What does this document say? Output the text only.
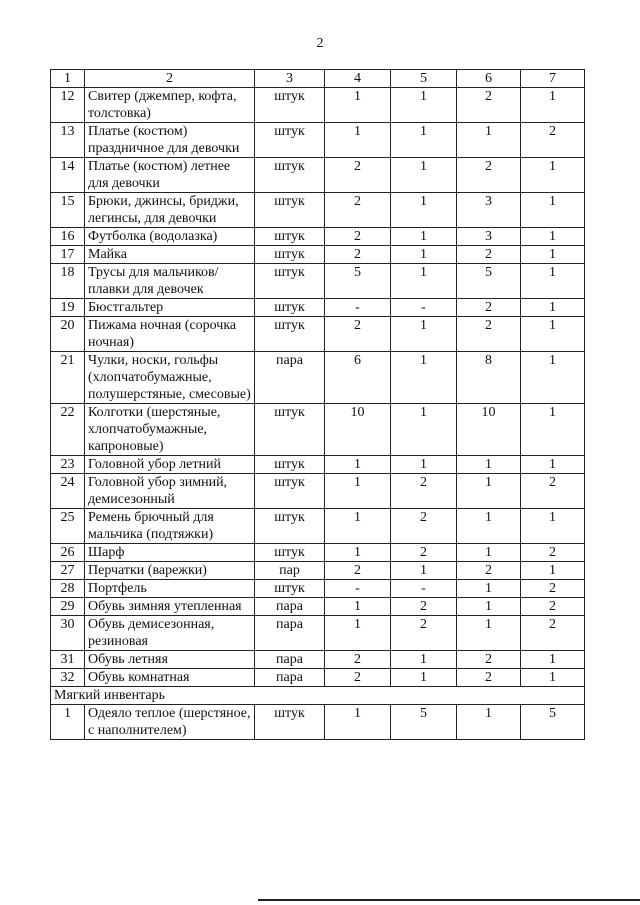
2
1	2	3	4	5	6	7
12	Свитер (джемпер, кофта, толстовка)	штук	1	1	2	1
13	Платье (костюм) праздничное для девочки	штук	1	1	1	2
14	Платье (костюм) летнее для девочки	штук	2	1	2	1
15	Брюки, джинсы, бриджи, легинсы, для девочки	штук	2	1	3	1
16	Футболка (водолазка)	штук	2	1	3	1
17	Майка	штук	2	1	2	1
18	Трусы для мальчиков/плавки для девочек	штук	5	1	5	1
19	Бюстгальтер	штук	-	-	2	1
20	Пижама ночная (сорочка ночная)	штук	2	1	2	1
21	Чулки, носки, гольфы (хлопчатобумажные, полушерстяные, смесовые)	пара	6	1	8	1
22	Колготки (шерстяные, хлопчатобумажные, капроновые)	штук	10	1	10	1
23	Головной убор летний	штук	1	1	1	1
24	Головной убор зимний, демисезонный	штук	1	2	1	2
25	Ремень брючный для мальчика (подтяжки)	штук	1	2	1	1
26	Шарф	штук	1	2	1	2
27	Перчатки (варежки)	пар	2	1	2	1
28	Портфель	штук	-	-	1	2
29	Обувь зимняя утепленная	пара	1	2	1	2
30	Обувь демисезонная, резиновая	пара	1	2	1	2
31	Обувь летняя	пара	2	1	2	1
32	Обувь комнатная	пара	2	1	2	1
Мягкий инвентарь						
1	Одеяло теплое (шерстяное, с наполнителем)	штук	1	5	1	5
